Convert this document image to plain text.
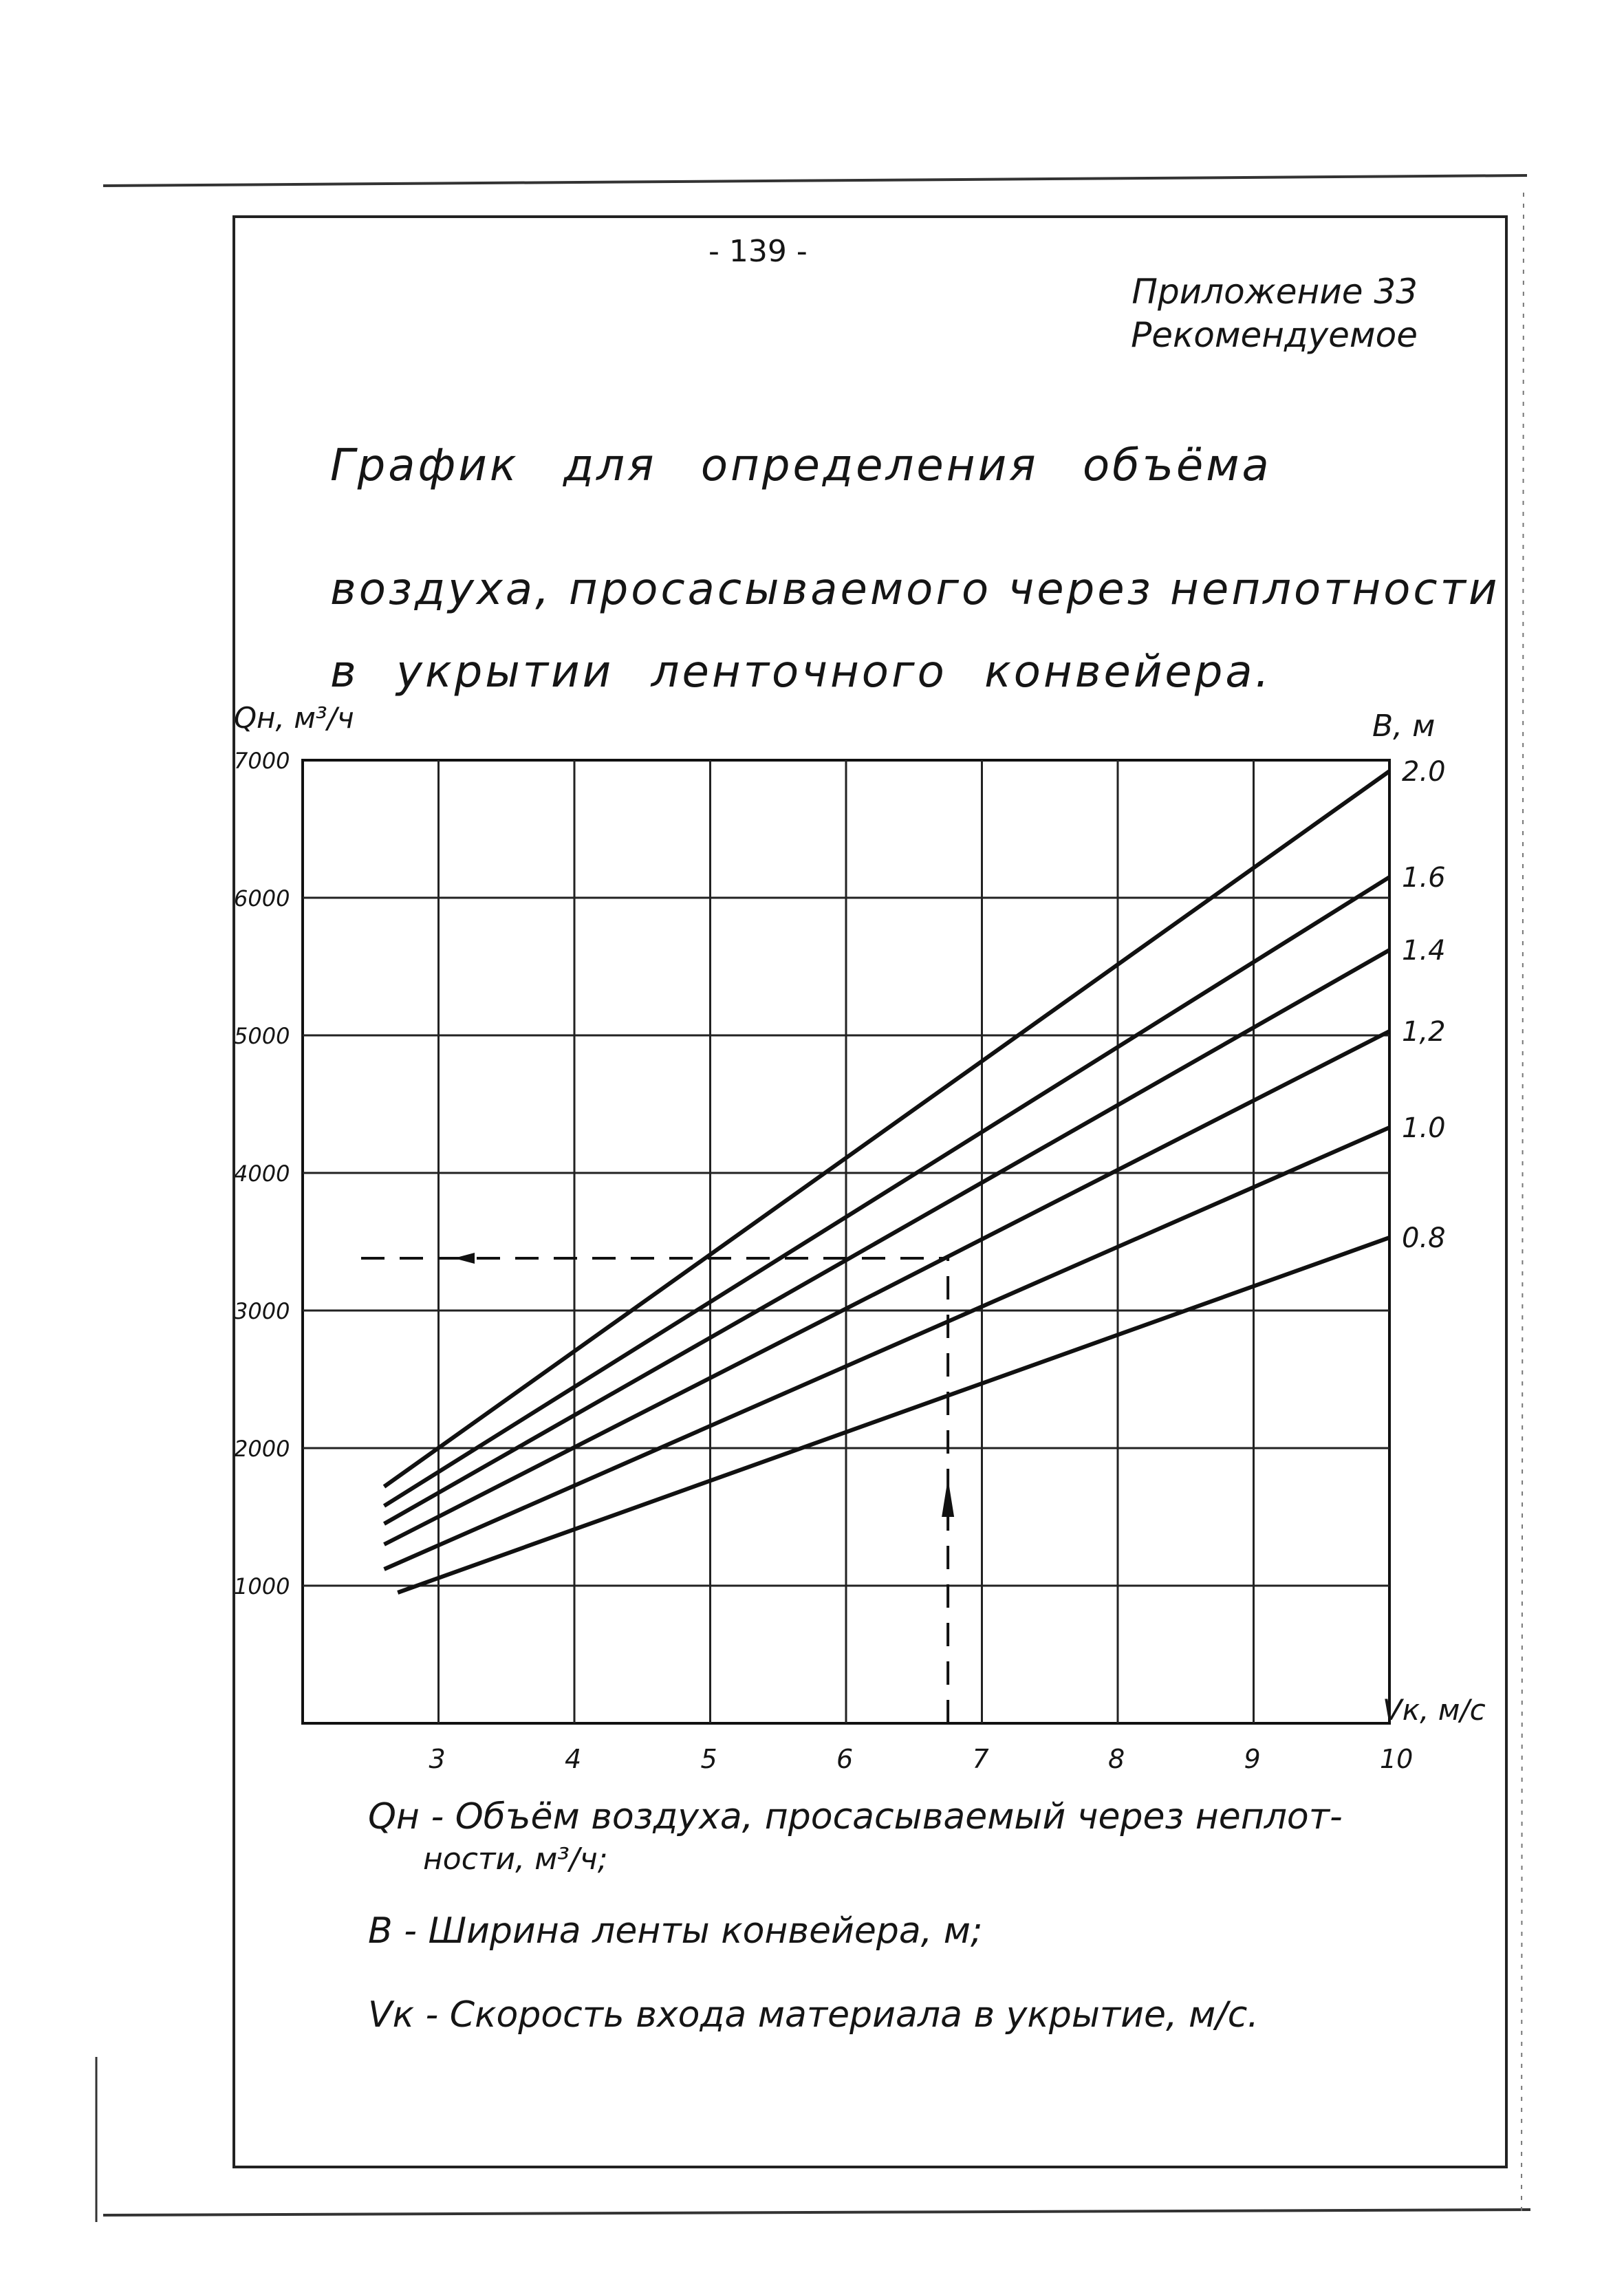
- 139 -
Приложение 33
Рекомендуемое
График для определения объёма
воздуха, просасываемого через неплотности
в укрытии ленточного конвейера.
3	4	5	6	7	8	9	10
1000
2000
3000
4000
5000
6000
7000	2.0
1.6
1.4
1,2
1.0
0.8
Qн, м³/ч	В, м
Vк, м/с

Qн - Объём воздуха, просасываемый через неплот-

ности, м³/ч;

В - Ширина ленты конвейера, м;

Vк - Скорость входа материала в укрытие, м/с.
